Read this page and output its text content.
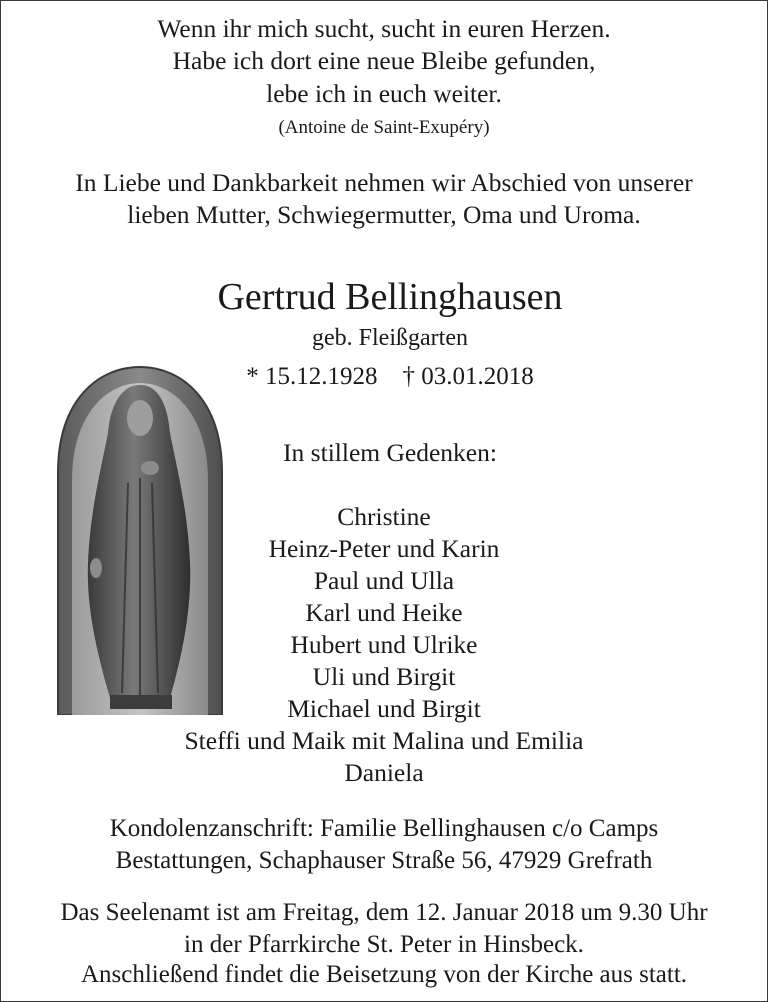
Wenn ihr mich sucht, sucht in euren Herzen.
Habe ich dort eine neue Bleibe gefunden,
lebe ich in euch weiter.
(Antoine de Saint-Exupéry)
In Liebe und Dankbarkeit nehmen wir Abschied von unserer
lieben Mutter, Schwiegermutter, Oma und Uroma.
Gertrud Bellinghausen
geb. Fleißgarten
* 15.12.1928    † 03.01.2018
In stillem Gedenken:
Christine
Heinz-Peter und Karin
Paul und Ulla
Karl und Heike
Hubert und Ulrike
Uli und Birgit
Michael und Birgit
Steffi und Maik mit Malina und Emilia
Daniela
Kondolenzanschrift: Familie Bellinghausen c/o Camps
Bestattungen, Schaphauser Straße 56, 47929 Grefrath
Das Seelenamt ist am Freitag, dem 12. Januar 2018 um 9.30 Uhr
in der Pfarrkirche St. Peter in Hinsbeck.
Anschließend findet die Beisetzung von der Kirche aus statt.
